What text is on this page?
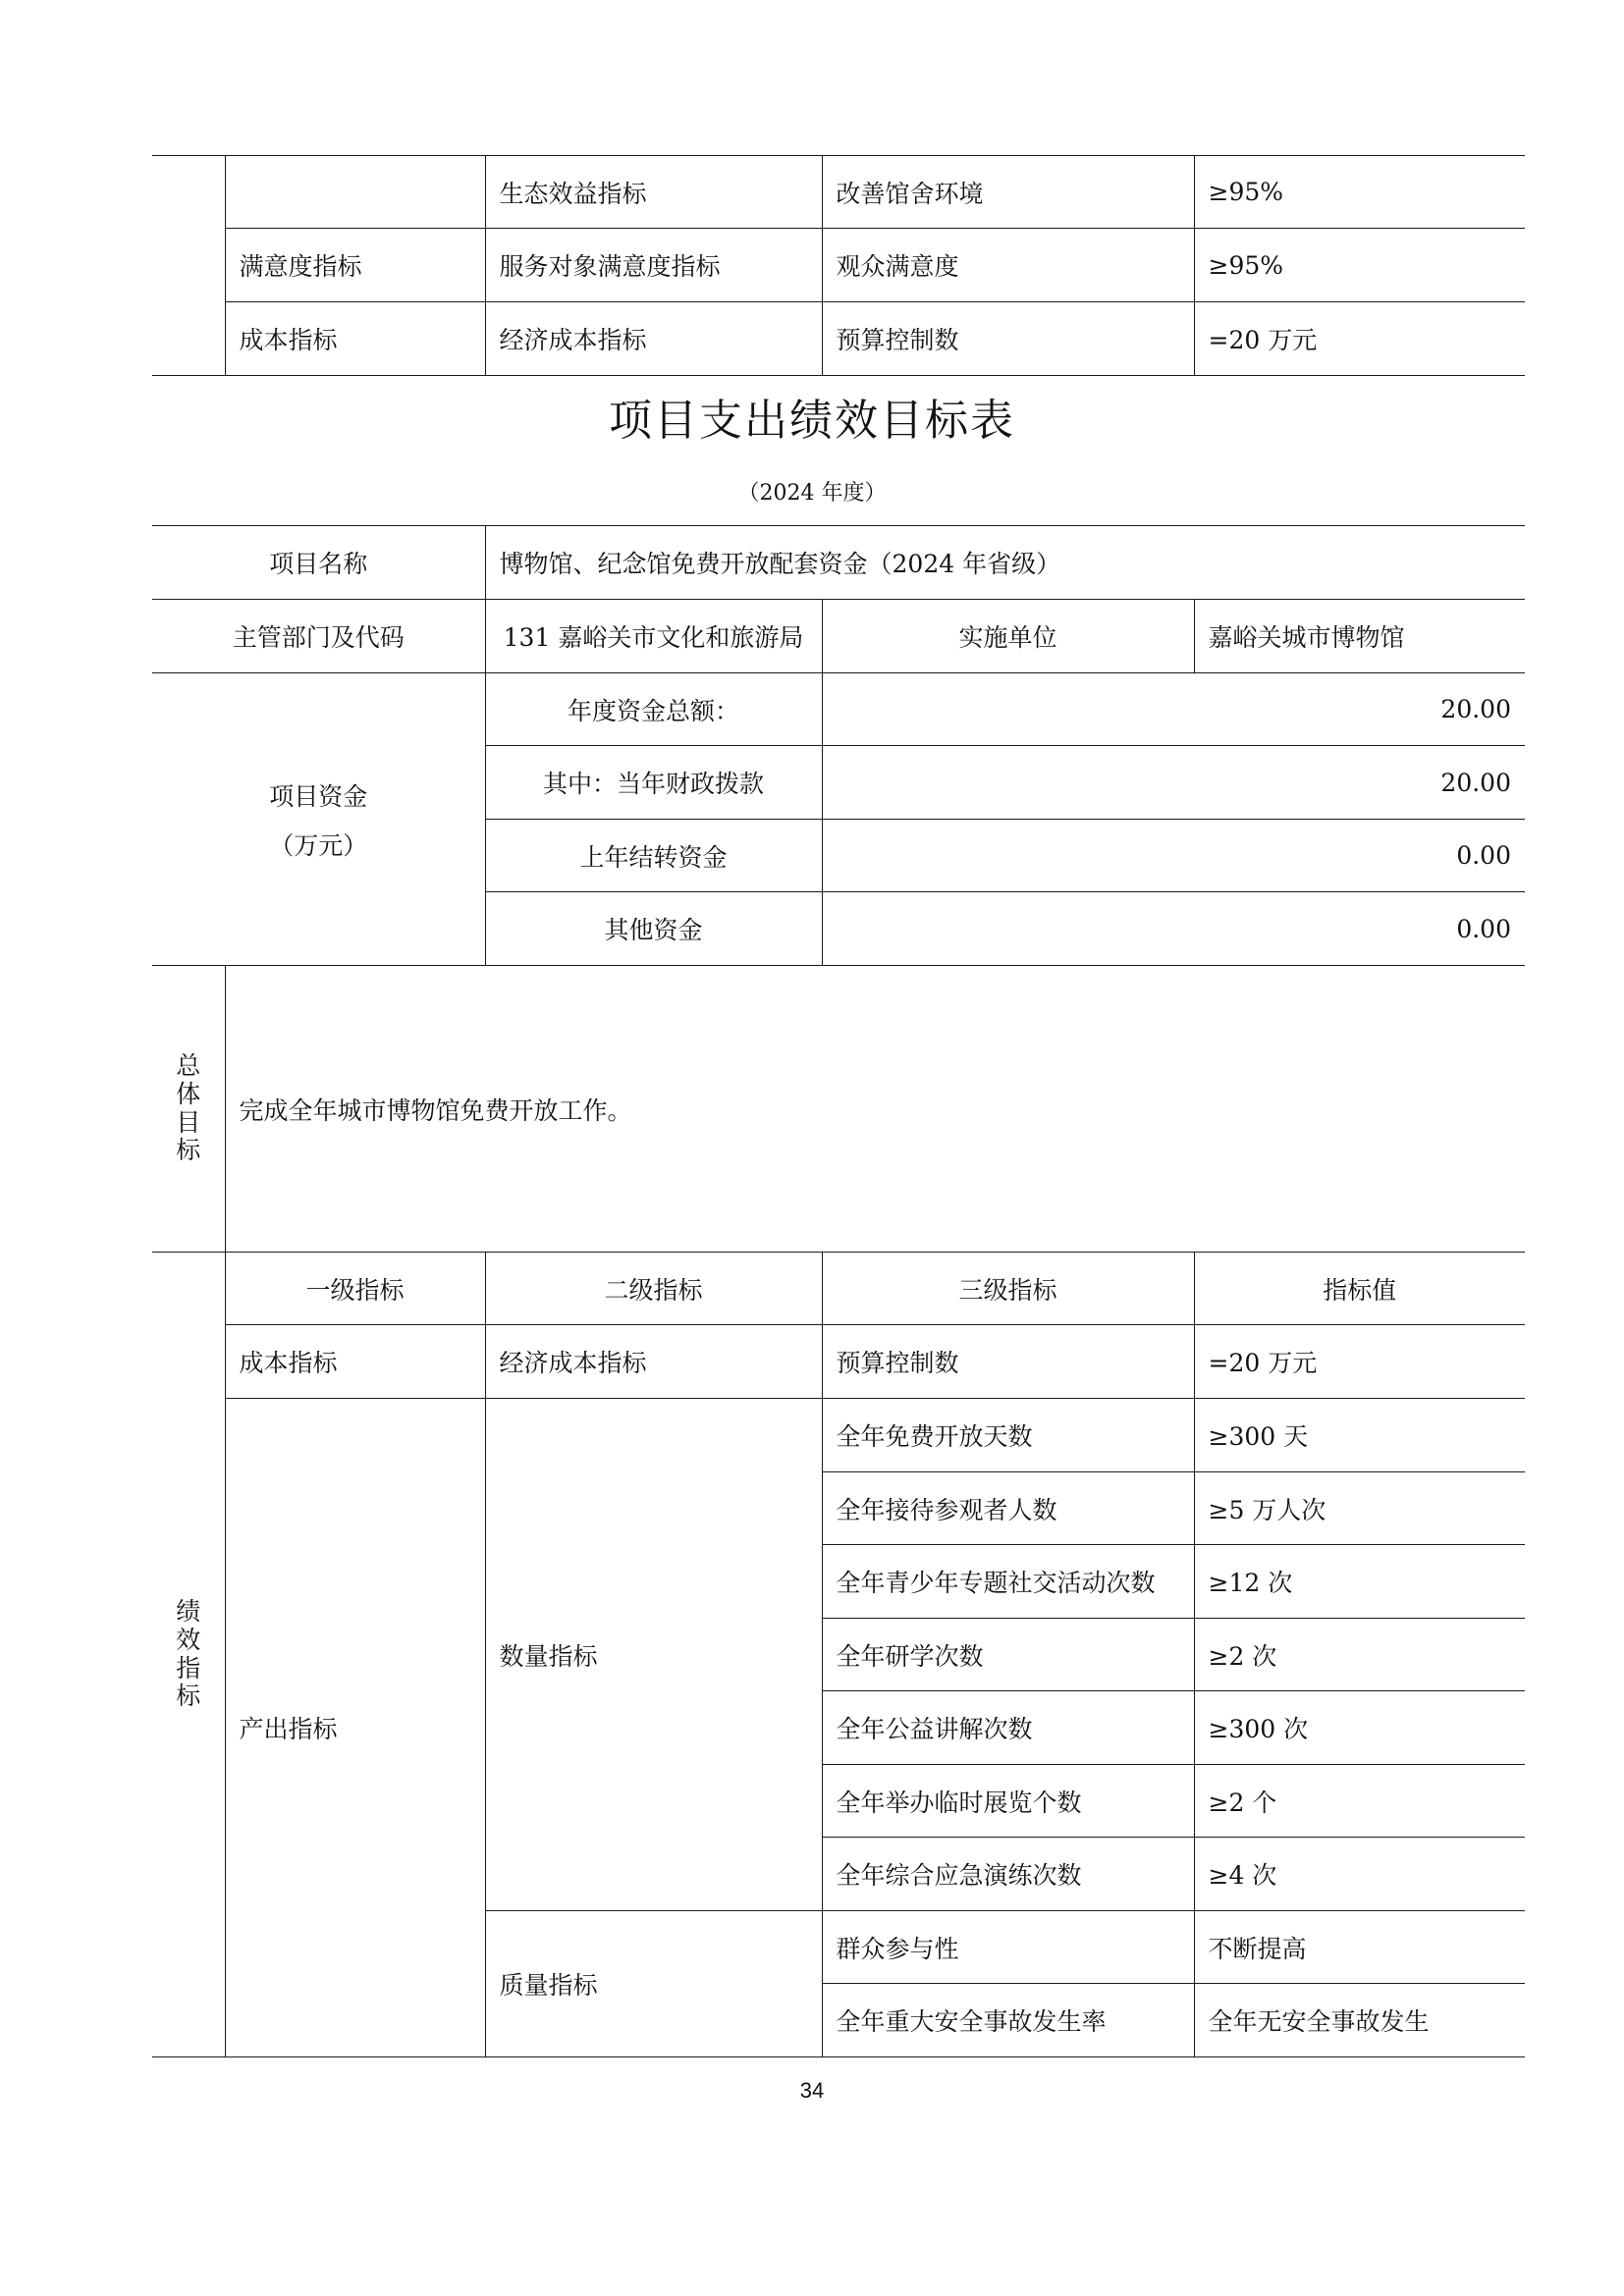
		生态效益指标	改善馆舍环境	≥95%
	满意度指标	服务对象满意度指标	观众满意度	≥95%
	成本指标	经济成本指标	预算控制数	=20 万元
项目支出绩效目标表
（2024 年度）
项目名称		博物馆、纪念馆免费开放配套资金（2024 年省级）		
主管部门及代码		131 嘉峪关市文化和旅游局	实施单位	嘉峪关城市博物馆

项目资金
（万元）		年度资金总额：	20.00	
		其中：当年财政拨款	20.00	
		上年结转资金	0.00	
		其他资金	0.00	
总体目标	完成全年城市博物馆免费开放工作。			
绩效指标	一级指标	二级指标	三级指标	指标值
	成本指标	经济成本指标	预算控制数	=20 万元
	产出指标	数量指标	全年免费开放天数	≥300 天
			全年接待参观者人数	≥5 万人次
			全年青少年专题社交活动次数	≥12 次
			全年研学次数	≥2 次
			全年公益讲解次数	≥300 次
			全年举办临时展览个数	≥2 个
			全年综合应急演练次数	≥4 次
		质量指标	群众参与性	不断提高
			全年重大安全事故发生率	全年无安全事故发生
34
